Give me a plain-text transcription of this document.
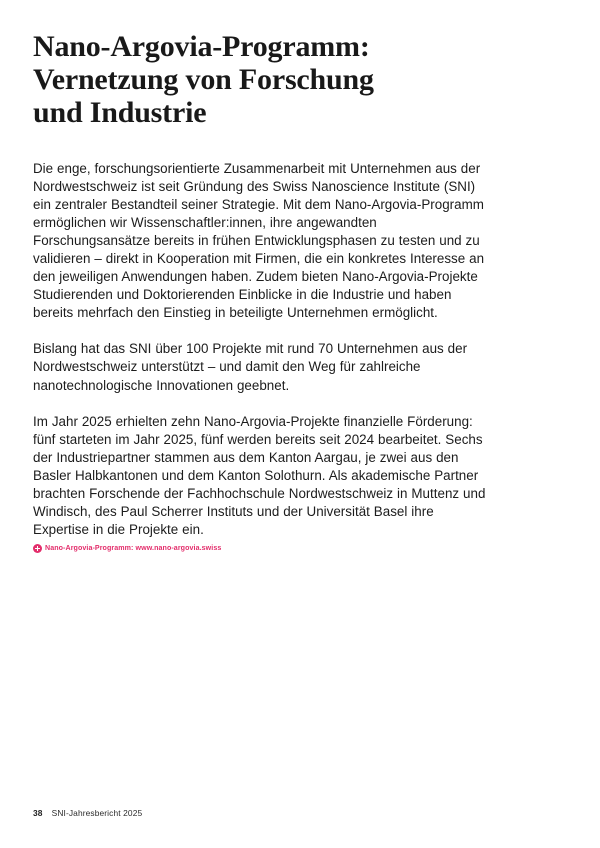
Nano-Argovia-Programm:
Vernetzung von Forschung
und Industrie

Die enge, forschungsorientierte Zusammenarbeit mit Unternehmen aus der Nordwestschweiz ist seit Gründung des Swiss Nanoscience Institute (SNI) ein zentraler Bestandteil seiner Strategie. Mit dem Nano-Argovia-Programm ermöglichen wir Wissenschaftler:innen, ihre angewandten Forschungsansätze bereits in frühen Entwicklungsphasen zu testen und zu validieren – direkt in Kooperation mit Firmen, die ein konkretes Interesse an den jeweiligen Anwendungen haben. Zudem bieten Nano-Argovia-Projekte Studierenden und Doktorierenden Einblicke in die Industrie und haben bereits mehrfach den Einstieg in beteiligte Unternehmen ermöglicht.

Bislang hat das SNI über 100 Projekte mit rund 70 Unternehmen aus der Nordwestschweiz unterstützt – und damit den Weg für zahlreiche nanotechnologische Innovationen geebnet.

Im Jahr 2025 erhielten zehn Nano-Argovia-Projekte finanzielle Förderung: fünf starteten im Jahr 2025, fünf werden bereits seit 2024 bearbeitet. Sechs der Industriepartner stammen aus dem Kanton Aargau, je zwei aus den Basler Halbkantonen und dem Kanton Solothurn. Als akademische Partner brachten Forschende der Fachhochschule Nordwestschweiz in Muttenz und Windisch, des Paul Scherrer Instituts und der Universität Basel ihre Expertise in die Projekte ein.

Nano-Argovia-Programm: www.nano-argovia.swiss
38 SNI-Jahresbericht 2025
